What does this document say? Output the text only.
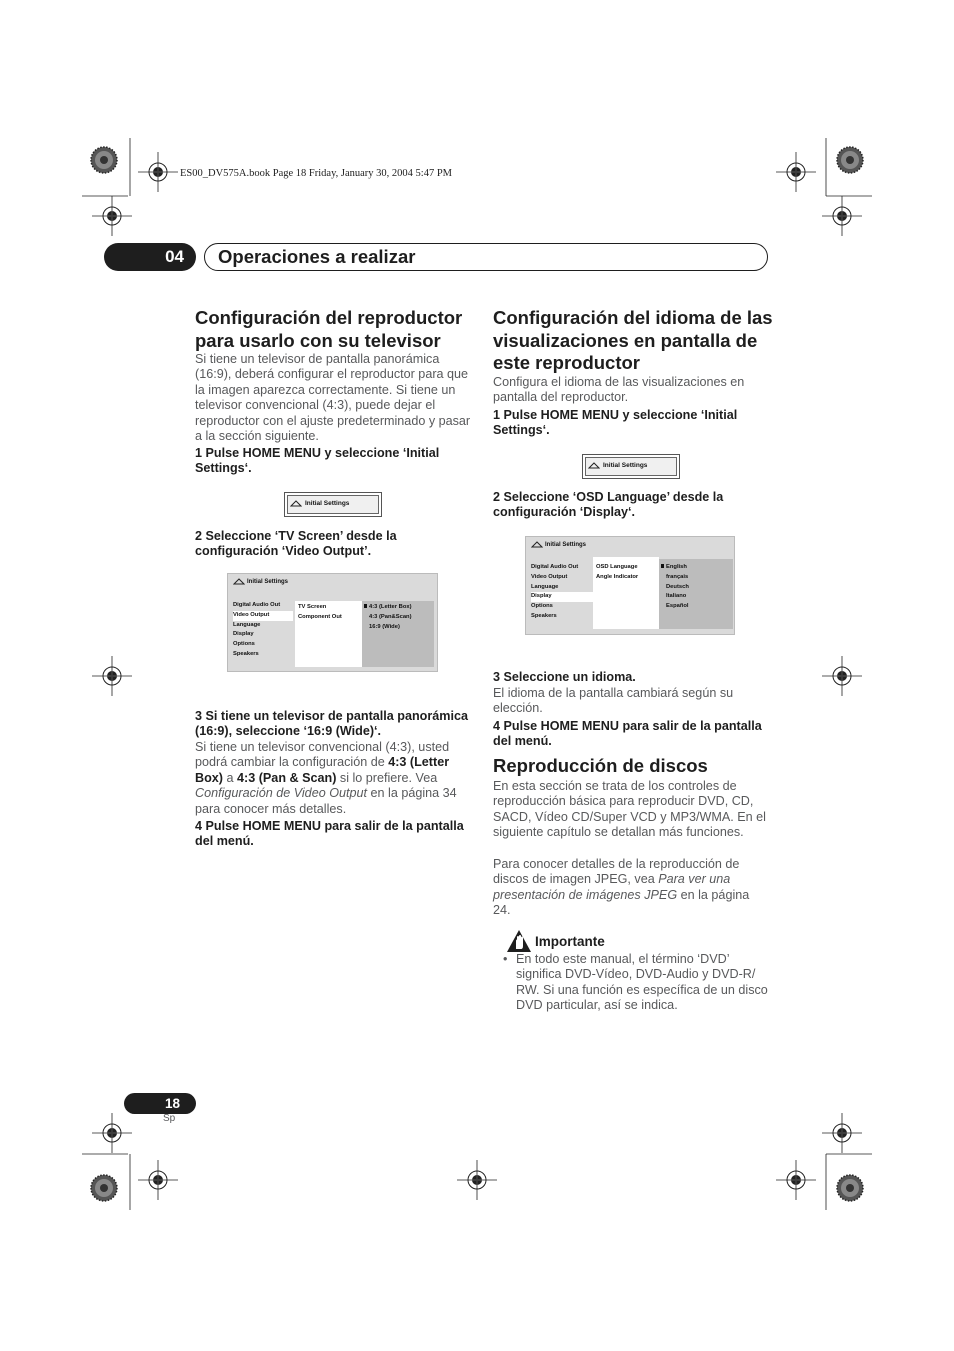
ES00_DV575A.book Page 18 Friday, January 30, 2004 5:47 PM
04	Operaciones a realizar
Configuración del reproductor para usarlo con su televisor

Si tiene un televisor de pantalla panorámica (16:9), deberá configurar el reproductor para que la imagen aparezca correctamente. Si tiene un televisor convencional (4:3), puede dejar el reproductor con el ajuste predeterminado y pasar a la sección siguiente.

1 Pulse HOME MENU y seleccione ‘Initial Settings‘.

Initial Settings

2 Seleccione ‘TV Screen’ desde la configuración ‘Video Output’.

Initial Settings
Digital Audio Out
Video Output
Language
Display
Options
Speakers
TV Screen
Component Out
4:3 (Letter Box)
4:3 (Pan&Scan)
16:9 (Wide)

3 Si tiene un televisor de pantalla panorámica (16:9), seleccione ‘16:9 (Wide)‘.

Si tiene un televisor convencional (4:3), usted podrá cambiar la configuración de 4:3 (Letter Box) a 4:3 (Pan & Scan) si lo prefiere. Vea Configuración de Video Output en la página 34 para conocer más detalles.

4 Pulse HOME MENU para salir de la pantalla del menú.

Configuración del idioma de las visualizaciones en pantalla de este reproductor

Configura el idioma de las visualizaciones en pantalla del reproductor.

1 Pulse HOME MENU y seleccione ‘Initial Settings‘.

Initial Settings

2 Seleccione ‘OSD Language’ desde la configuración ‘Display‘.

Initial Settings
Digital Audio Out
Video Output
Language
Display
Options
Speakers
OSD Language
Angle Indicator
English
français
Deutsch
Italiano
Español

3 Seleccione un idioma.

El idioma de la pantalla cambiará según su elección.

4 Pulse HOME MENU para salir de la pantalla del menú.

Reproducción de discos

En esta sección se trata de los controles de reproducción básica para reproducir DVD, CD, SACD, Vídeo CD/Super VCD y MP3/WMA. En el siguiente capítulo se detallan más funciones.

Para conocer detalles de la reproducción de discos de imagen JPEG, vea Para ver una presentación de imágenes JPEG en la página 24.

Importante
• En todo este manual, el término ‘DVD’ significa DVD-Vídeo, DVD-Audio y DVD-R/ RW. Si una función es específica de un disco DVD particular, así se indica.

18
Sp
